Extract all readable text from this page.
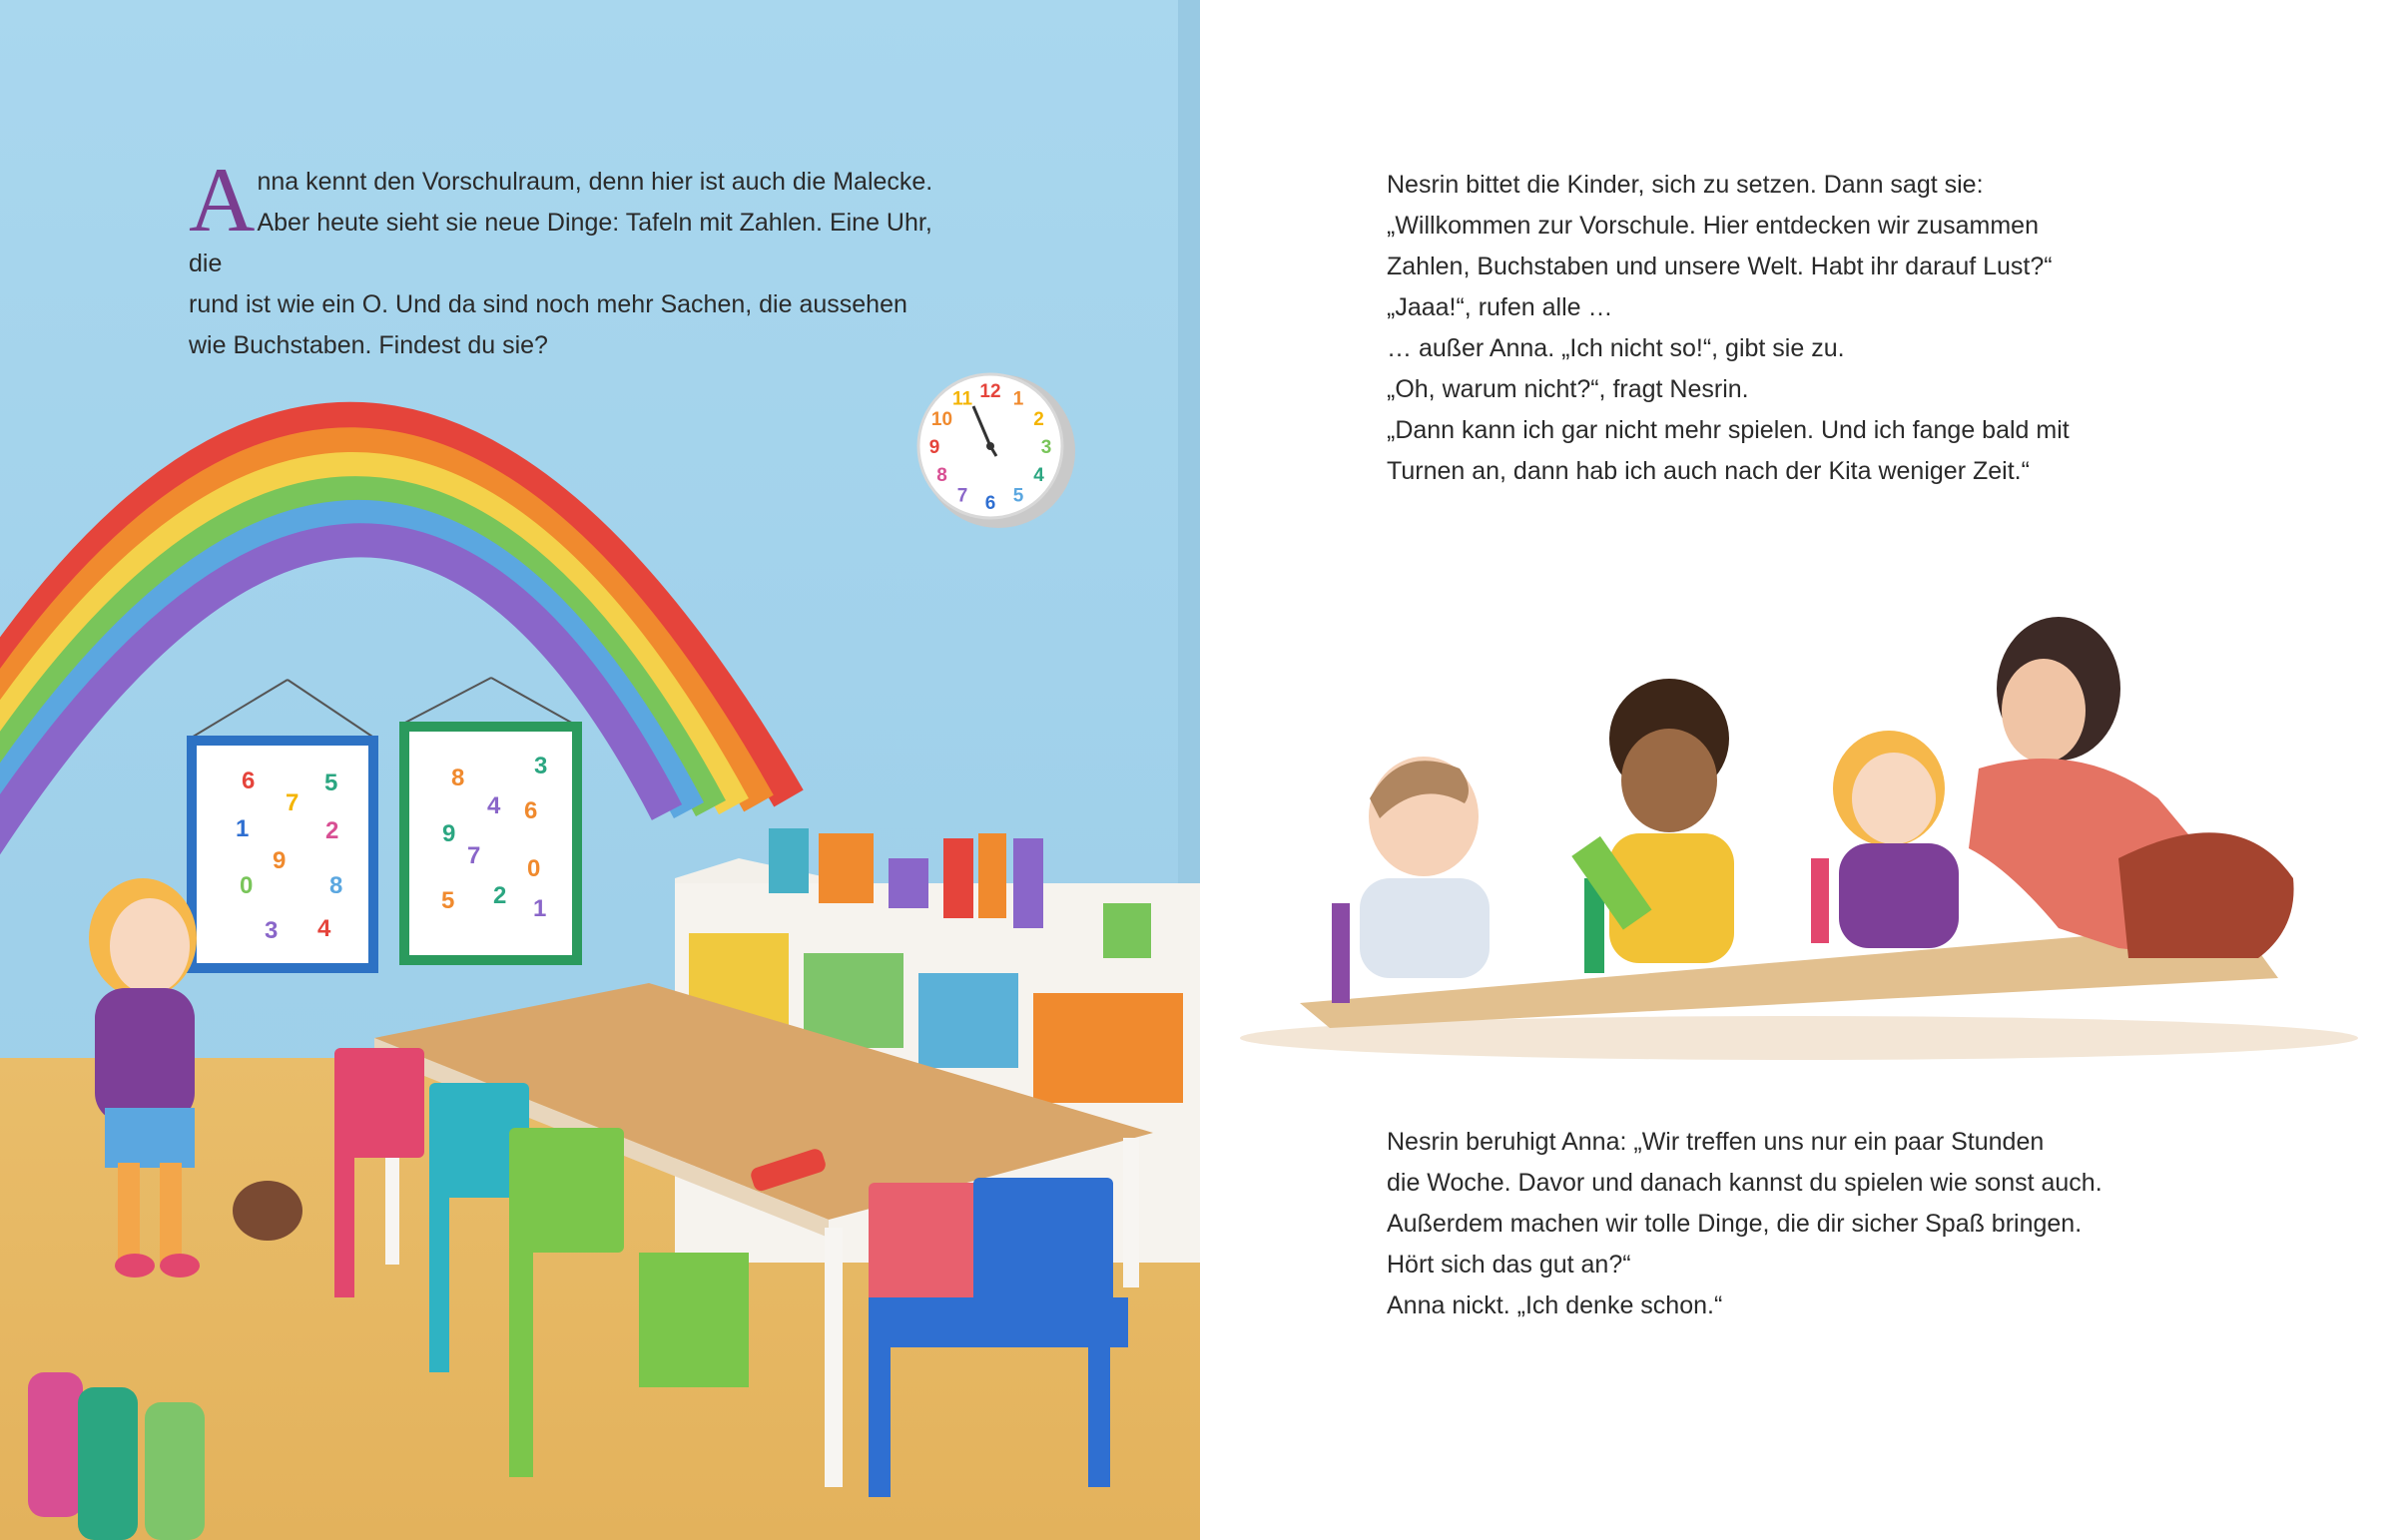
12 1
2
3
4
5
6
7
8
9
10
11
6
7
5
1	2
9
0	8
3 4
8	3
4 6
9
7
5 2 1
0
A nna kennt den Vorschulraum, denn hier ist auch die Malecke.

Aber heute sieht sie neue Dinge: Tafeln mit Zahlen. Eine Uhr, die

rund ist wie ein O. Und da sind noch mehr Sachen, die aussehen

wie Buchstaben. Findest du sie?

Nesrin bittet die Kinder, sich zu setzen. Dann sagt sie:

„Willkommen zur Vorschule. Hier entdecken wir zusammen

Zahlen, Buchstaben und unsere Welt. Habt ihr darauf Lust?“

„Jaaa!“, rufen alle …

… außer Anna. „Ich nicht so!“, gibt sie zu.

„Oh, warum nicht?“, fragt Nesrin.

„Dann kann ich gar nicht mehr spielen. Und ich fange bald mit

Turnen an, dann hab ich auch nach der Kita weniger Zeit.“

Nesrin beruhigt Anna: „Wir treffen uns nur ein paar Stunden

die Woche. Davor und danach kannst du spielen wie sonst auch.

Außerdem machen wir tolle Dinge, die dir sicher Spaß bringen.

Hört sich das gut an?“

Anna nickt. „Ich denke schon.“
